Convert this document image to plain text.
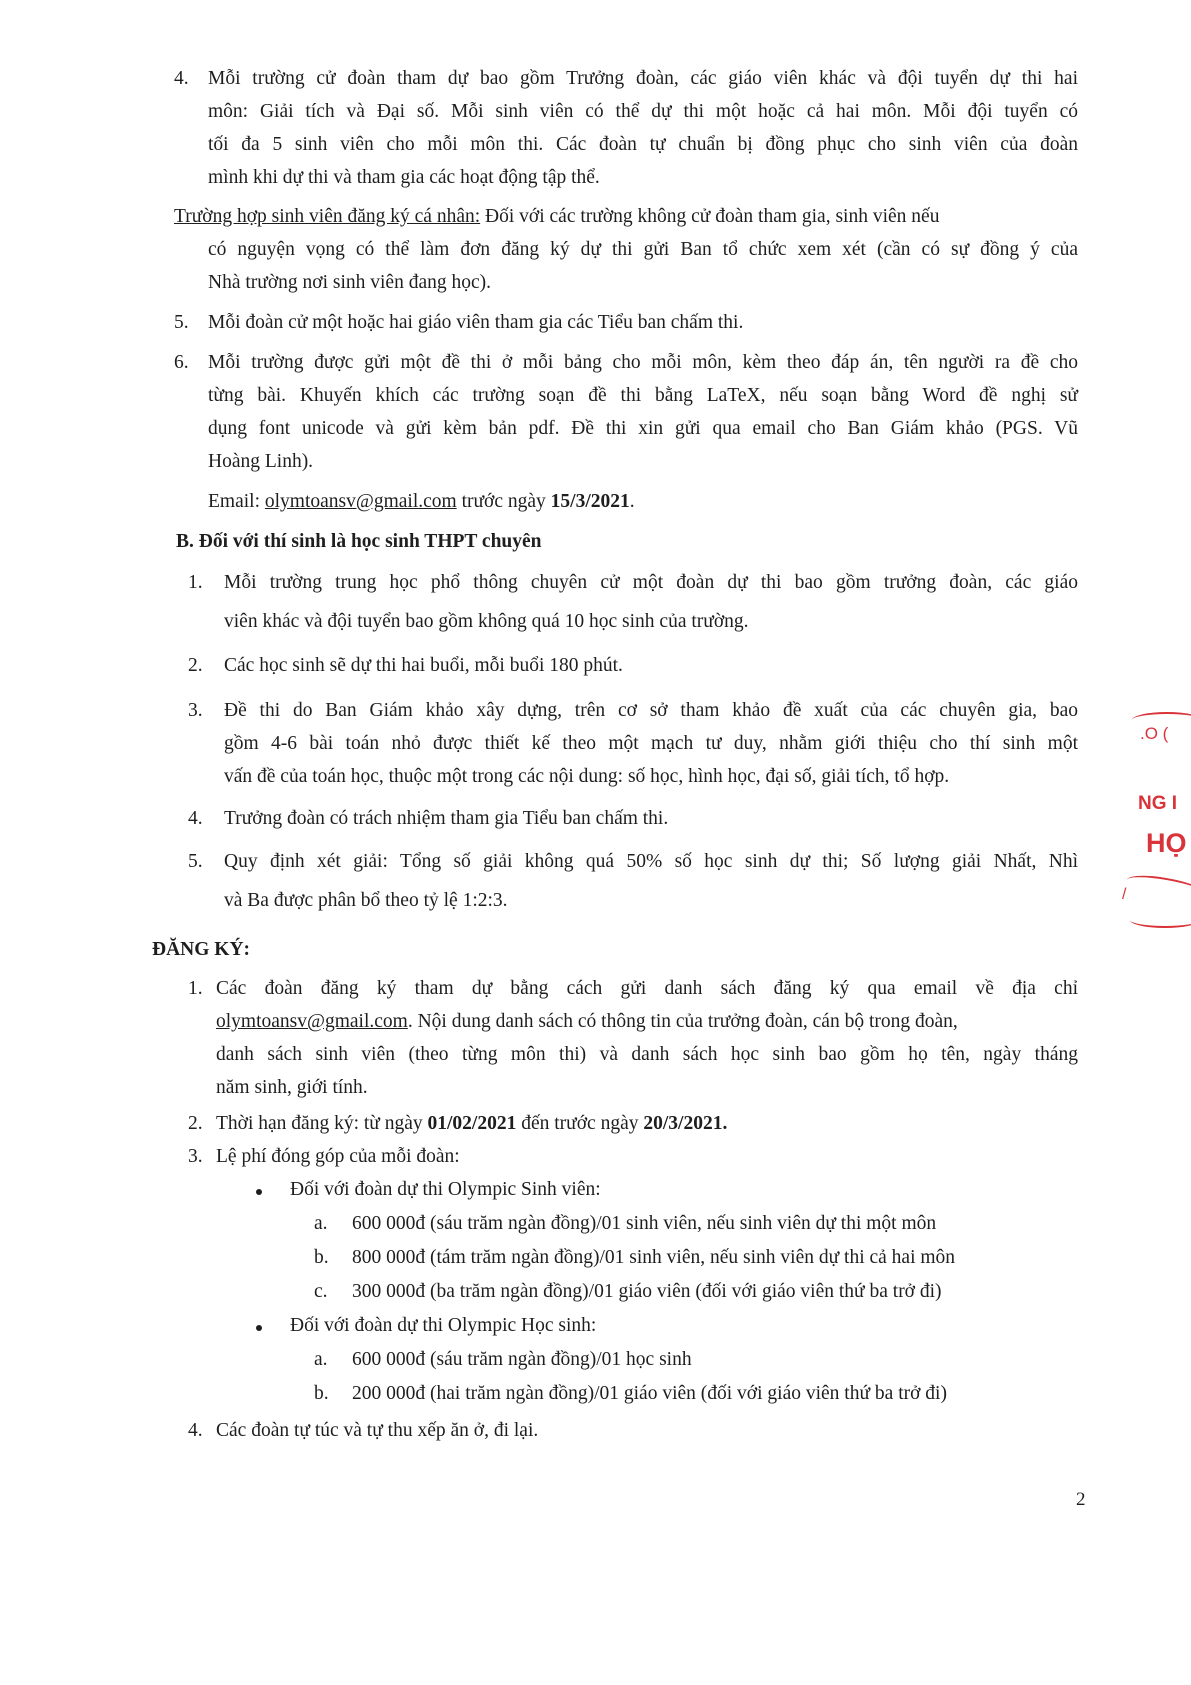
4. Mỗi trường cử đoàn tham dự bao gồm Trưởng đoàn, các giáo viên khác và đội tuyển dự thi hai
môn: Giải tích và Đại số. Mỗi sinh viên có thể dự thi một hoặc cả hai môn. Mỗi đội tuyển có
tối đa 5 sinh viên cho mỗi môn thi. Các đoàn tự chuẩn bị đồng phục cho sinh viên của đoàn
mình khi dự thi và tham gia các hoạt động tập thể.
Trường hợp sinh viên đăng ký cá nhân: Đối với các trường không cử đoàn tham gia, sinh viên nếu
có nguyện vọng có thể làm đơn đăng ký dự thi gửi Ban tổ chức xem xét (cần có sự đồng ý của
Nhà trường nơi sinh viên đang học).
5. Mỗi đoàn cử một hoặc hai giáo viên tham gia các Tiểu ban chấm thi.
6. Mỗi trường được gửi một đề thi ở mỗi bảng cho mỗi môn, kèm theo đáp án, tên người ra đề cho
từng bài. Khuyến khích các trường soạn đề thi bằng LaTeX, nếu soạn bằng Word đề nghị sử
dụng font unicode và gửi kèm bản pdf. Đề thi xin gửi qua email cho Ban Giám khảo (PGS. Vũ
Hoàng Linh).
Email: olymtoansv@gmail.com trước ngày 15/3/2021.
B. Đối với thí sinh là học sinh THPT chuyên
1. Mỗi trường trung học phổ thông chuyên cử một đoàn dự thi bao gồm trưởng đoàn, các giáo
viên khác và đội tuyển bao gồm không quá 10 học sinh của trường.
2. Các học sinh sẽ dự thi hai buổi, mỗi buổi 180 phút.
3. Đề thi do Ban Giám khảo xây dựng, trên cơ sở tham khảo đề xuất của các chuyên gia, bao
gồm 4-6 bài toán nhỏ được thiết kế theo một mạch tư duy, nhằm giới thiệu cho thí sinh một
vấn đề của toán học, thuộc một trong các nội dung: số học, hình học, đại số, giải tích, tổ hợp.
4. Trưởng đoàn có trách nhiệm tham gia Tiểu ban chấm thi.
5. Quy định xét giải: Tổng số giải không quá 50% số học sinh dự thi; Số lượng giải Nhất, Nhì
và Ba được phân bổ theo tỷ lệ 1:2:3.
ĐĂNG KÝ:
1. Các đoàn đăng ký tham dự bằng cách gửi danh sách đăng ký qua email về địa chỉ
olymtoansv@gmail.com. Nội dung danh sách có thông tin của trưởng đoàn, cán bộ trong đoàn,
danh sách sinh viên (theo từng môn thi) và danh sách học sinh bao gồm họ tên, ngày tháng
năm sinh, giới tính.
2. Thời hạn đăng ký: từ ngày 01/02/2021 đến trước ngày 20/3/2021.
3. Lệ phí đóng góp của mỗi đoàn:
Đối với đoàn dự thi Olympic Sinh viên:
a. 600 000đ (sáu trăm ngàn đồng)/01 sinh viên, nếu sinh viên dự thi một môn
b. 800 000đ (tám trăm ngàn đồng)/01 sinh viên, nếu sinh viên dự thi cả hai môn
c. 300 000đ (ba trăm ngàn đồng)/01 giáo viên (đối với giáo viên thứ ba trở đi)
Đối với đoàn dự thi Olympic Học sinh:
a. 600 000đ (sáu trăm ngàn đồng)/01 học sinh
b. 200 000đ (hai trăm ngàn đồng)/01 giáo viên (đối với giáo viên thứ ba trở đi)
4. Các đoàn tự túc và tự thu xếp ăn ở, đi lại.
2
.O (
NG I
HỌ
/
